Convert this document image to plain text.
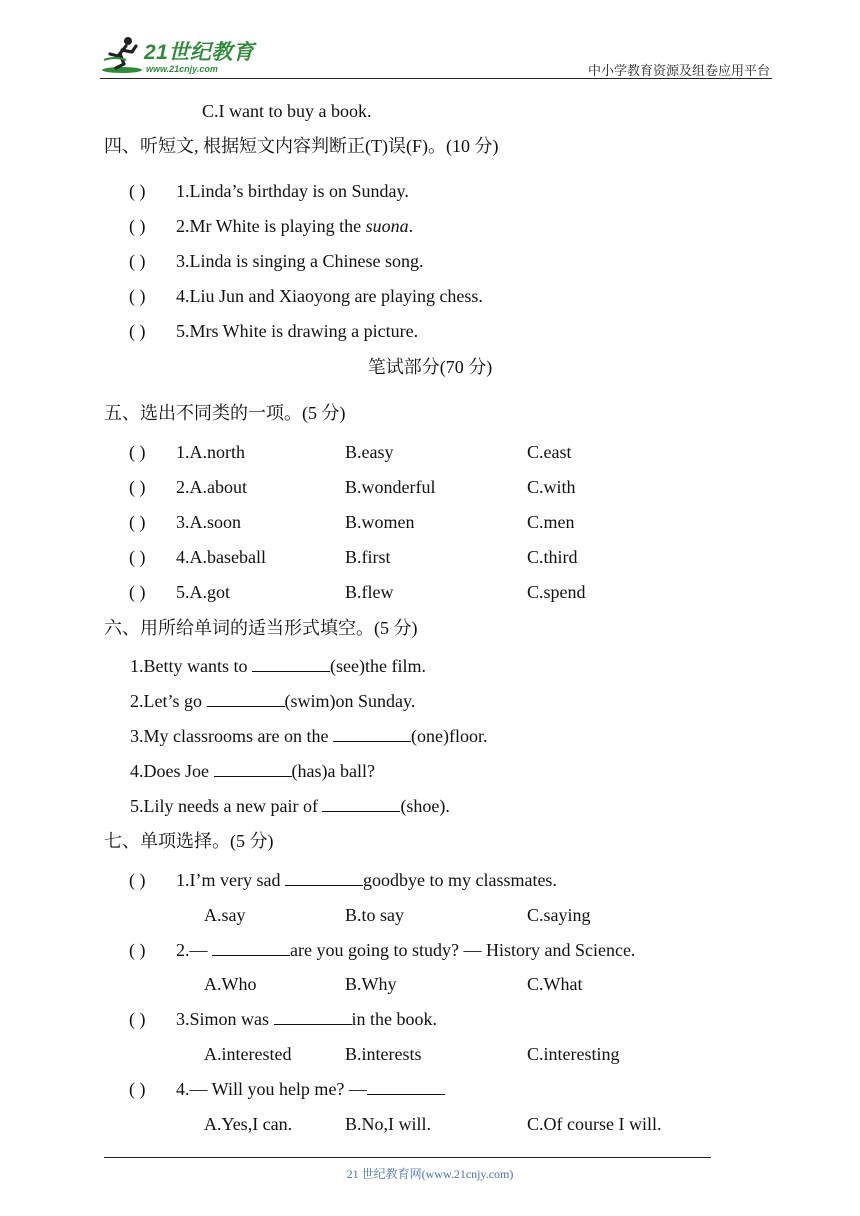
21世纪教育
www.21cnjy.com	中小学教育资源及组卷应用平台
C.I want to buy a book.
四、听短文, 根据短文内容判断正(T)误(F)。(10 分)
( ) 1.Linda’s birthday is on Sunday.
( ) 2.Mr White is playing the suona.
( ) 3.Linda is singing a Chinese song.
( ) 4.Liu Jun and Xiaoyong are playing chess.
( ) 5.Mrs White is drawing a picture.
笔试部分(70 分)
五、选出不同类的一项。(5 分)
( ) 1.A.north	B.easy	C.east
( ) 2.A.about	B.wonderful	C.with
( ) 3.A.soon	B.women	C.men
( ) 4.A.baseball	B.first	C.third
( ) 5.A.got	B.flew	C.spend
六、用所给单词的适当形式填空。(5 分)
1.Betty wants to	(see)the film.
2.Let’s go	(swim)on Sunday.
3.My classrooms are on the	(one)floor.
4.Does Joe	(has)a ball?
5.Lily needs a new pair of	(shoe).
七、单项选择。(5 分)
( ) 1.I’m very sad	goodbye to my classmates.
A.say	B.to say	C.saying
( ) 2.—	are you going to study? — History and Science.
A.Who	B.Why	C.What
( ) 3.Simon was	in the book.
A.interested	B.interests	C.interesting
( ) 4.— Will you help me? —
A.Yes,I can.	B.No,I will.	C.Of course I will.
21 世纪教育网(www.21cnjy.com)
